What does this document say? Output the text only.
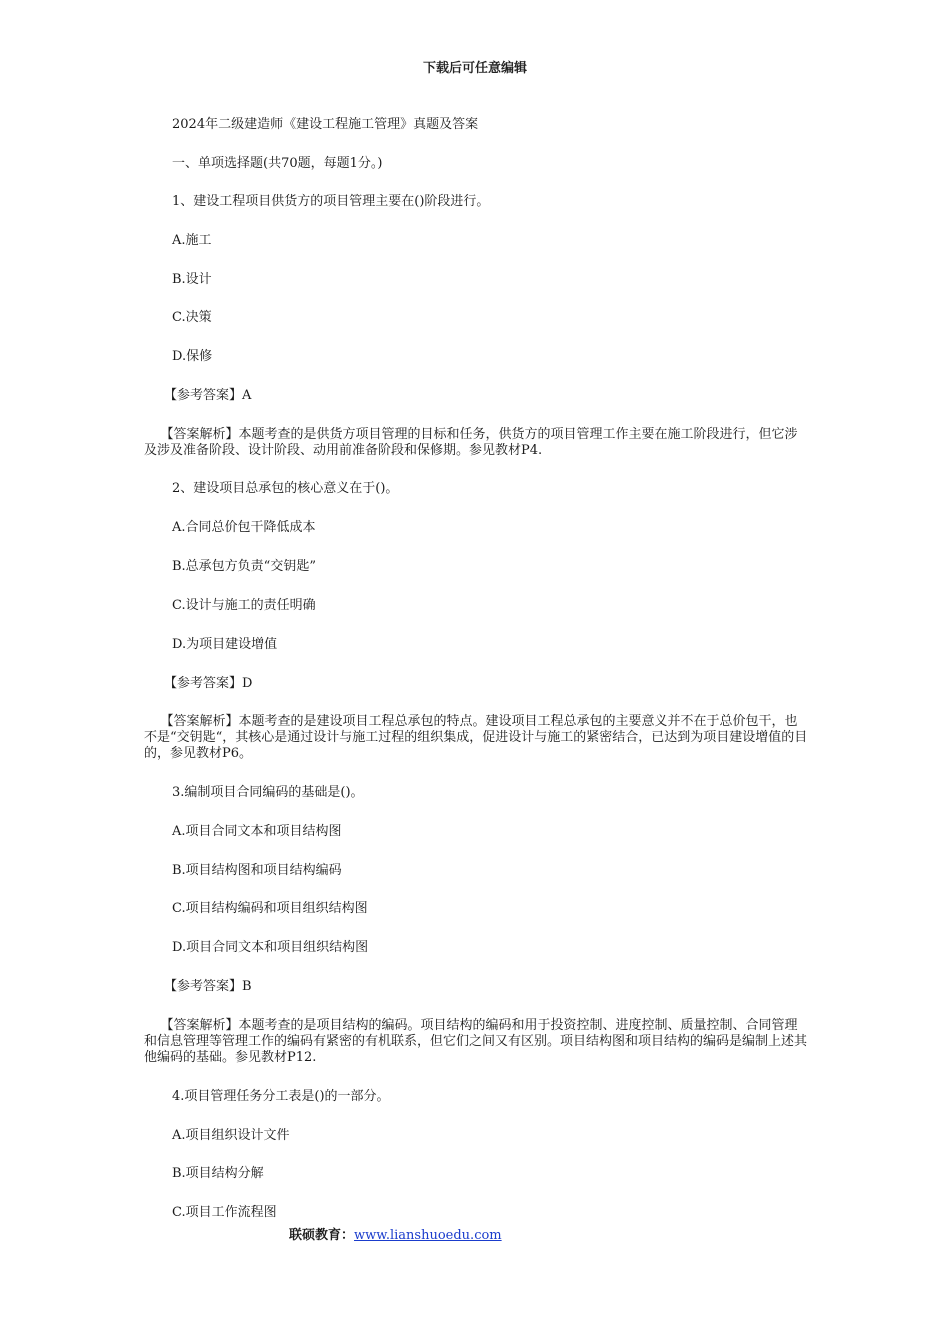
下载后可任意编辑
2024年二级建造师《建设工程施工管理》真题及答案
一、单项选择题(共70题，每题1分。)
1、建设工程项目供货方的项目管理主要在()阶段进行。
A.施工
B.设计
C.决策
D.保修
【参考答案】A
【答案解析】本题考查的是供货方项目管理的目标和任务，供货方的项目管理工作主要在施工阶段进行，但它涉及涉及准备阶段、设计阶段、动用前准备阶段和保修期。参见教材P4.
2、建设项目总承包的核心意义在于()。
A.合同总价包干降低成本
B.总承包方负责“交钥匙”
C.设计与施工的责任明确
D.为项目建设增值
【参考答案】D
【答案解析】本题考查的是建设项目工程总承包的特点。建设项目工程总承包的主要意义并不在于总价包干，也不是“交钥匙“，其核心是通过设计与施工过程的组织集成，促进设计与施工的紧密结合，已达到为项目建设增值的目的，参见教材P6。
3.编制项目合同编码的基础是()。
A.项目合同文本和项目结构图
B.项目结构图和项目结构编码
C.项目结构编码和项目组织结构图
D.项目合同文本和项目组织结构图
【参考答案】B
【答案解析】本题考查的是项目结构的编码。项目结构的编码和用于投资控制、进度控制、质量控制、合同管理和信息管理等管理工作的编码有紧密的有机联系，但它们之间又有区别。项目结构图和项目结构的编码是编制上述其他编码的基础。参见教材P12.
4.项目管理任务分工表是()的一部分。
A.项目组织设计文件
B.项目结构分解
C.项目工作流程图
联硕教育：www.lianshuoedu.com
